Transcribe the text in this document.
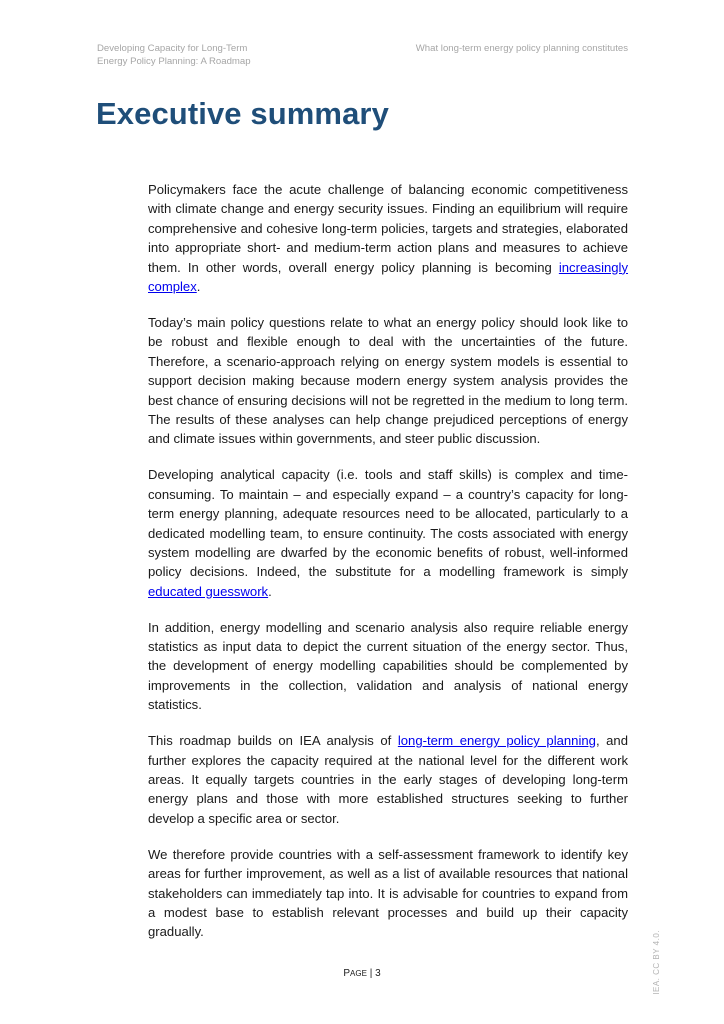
Developing Capacity for Long-Term
Energy Policy Planning: A Roadmap
What long-term energy policy planning constitutes
Executive summary

Policymakers face the acute challenge of balancing economic competitiveness with climate change and energy security issues. Finding an equilibrium will require comprehensive and cohesive long-term policies, targets and strategies, elaborated into appropriate short- and medium-term action plans and measures to achieve them. In other words, overall energy policy planning is becoming increasingly complex.

Today’s main policy questions relate to what an energy policy should look like to be robust and flexible enough to deal with the uncertainties of the future. Therefore, a scenario-approach relying on energy system models is essential to support decision making because modern energy system analysis provides the best chance of ensuring decisions will not be regretted in the medium to long term. The results of these analyses can help change prejudiced perceptions of energy and climate issues within governments, and steer public discussion.

Developing analytical capacity (i.e. tools and staff skills) is complex and time-consuming. To maintain – and especially expand – a country’s capacity for long-term energy planning, adequate resources need to be allocated, particularly to a dedicated modelling team, to ensure continuity. The costs associated with energy system modelling are dwarfed by the economic benefits of robust, well-informed policy decisions. Indeed, the substitute for a modelling framework is simply educated guesswork.

In addition, energy modelling and scenario analysis also require reliable energy statistics as input data to depict the current situation of the energy sector. Thus, the development of energy modelling capabilities should be complemented by improvements in the collection, validation and analysis of national energy statistics.

This roadmap builds on IEA analysis of long-term energy policy planning, and further explores the capacity required at the national level for the different work areas. It equally targets countries in the early stages of developing long-term energy plans and those with more established structures seeking to further develop a specific area or sector.

We therefore provide countries with a self-assessment framework to identify key areas for further improvement, as well as a list of available resources that national stakeholders can immediately tap into. It is advisable for countries to expand from a modest base to establish relevant processes and build up their capacity gradually.	IEA. CC BY 4.0.
PAGE | 3
